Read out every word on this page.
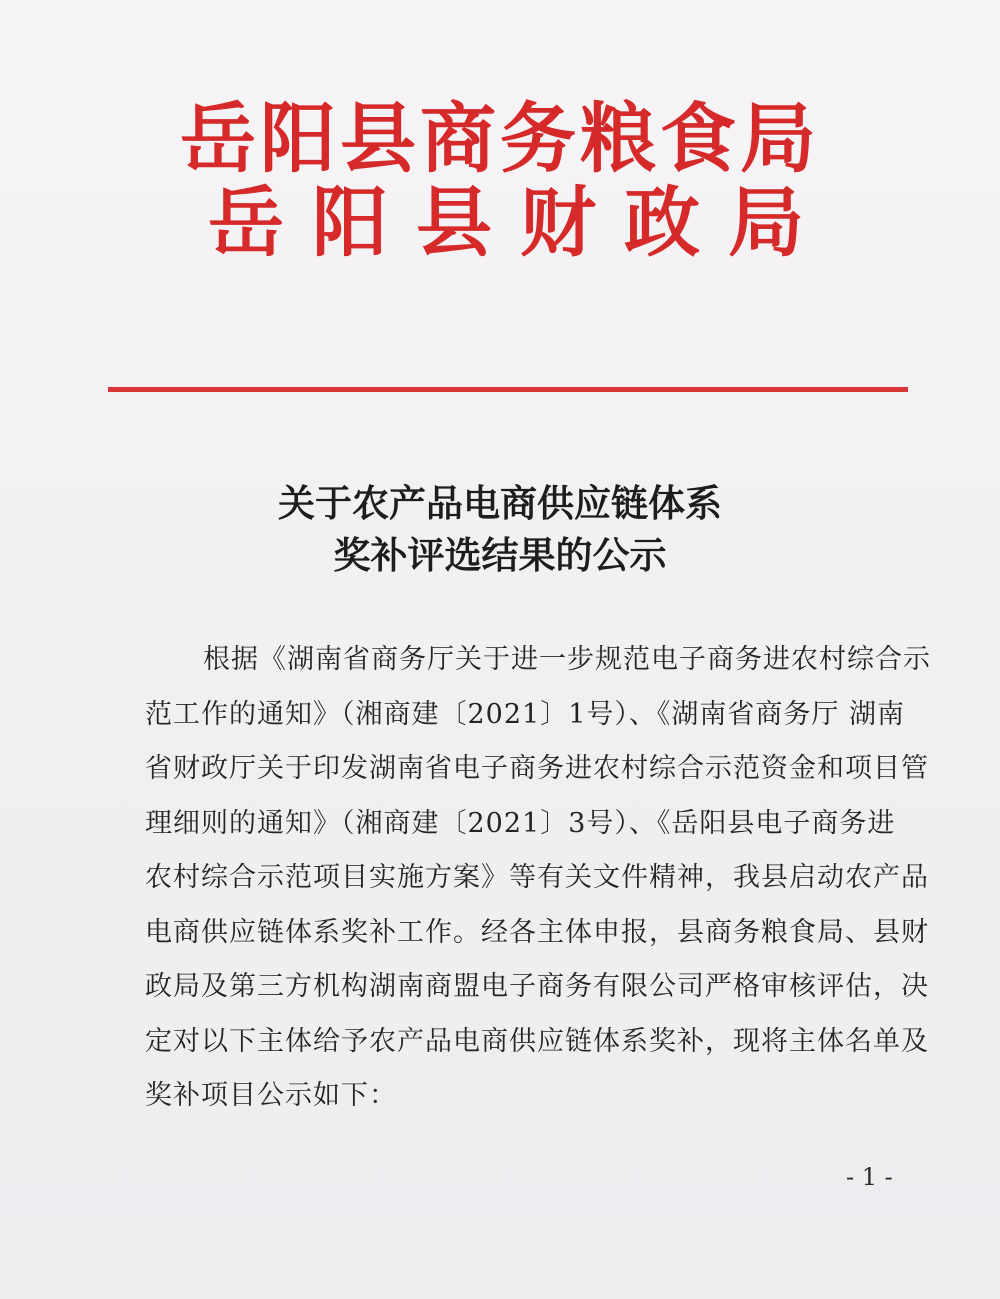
岳阳县商务粮食局
岳阳县财政局
关于农产品电商供应链体系
奖补评选结果的公示
根据《湖南省商务厅关于进一步规范电子商务进农村综合示
范工作的通知》（湘商建〔2021〕1号）、《湖南省商务厅 湖南
省财政厅关于印发湖南省电子商务进农村综合示范资金和项目管
理细则的通知》（湘商建〔2021〕3号）、《岳阳县电子商务进
农村综合示范项目实施方案》等有关文件精神，我县启动农产品
电商供应链体系奖补工作。经各主体申报，县商务粮食局、县财
政局及第三方机构湖南商盟电子商务有限公司严格审核评估，决
定对以下主体给予农产品电商供应链体系奖补，现将主体名单及
奖补项目公示如下：
- 1 -
